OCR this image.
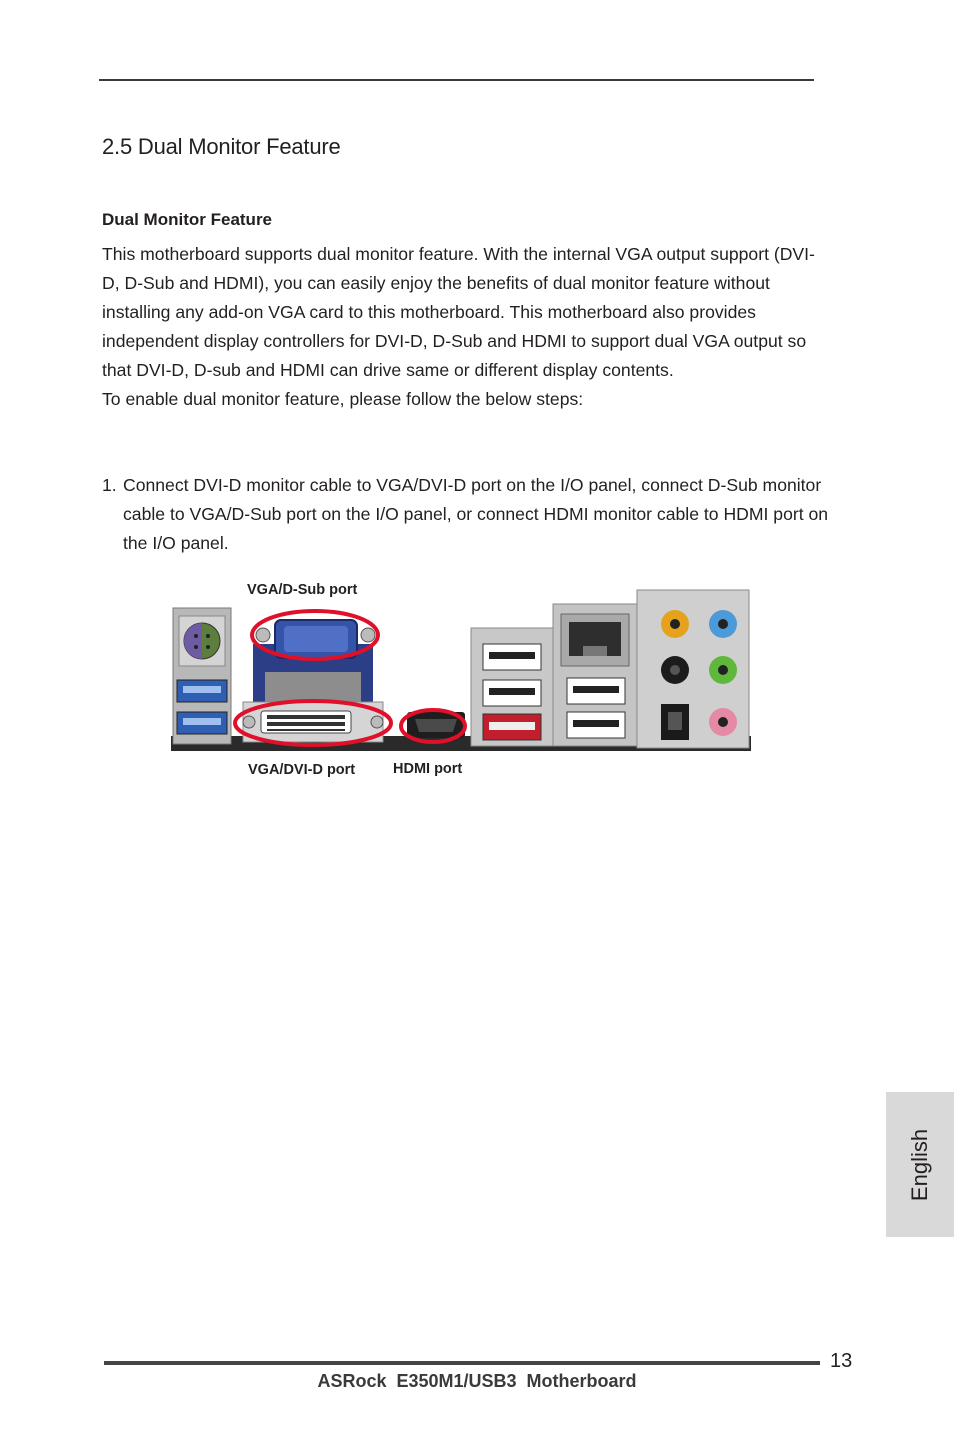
2.5 Dual Monitor Feature
Dual Monitor Feature

This motherboard supports dual monitor feature. With the internal VGA output support (DVI-D, D-Sub and HDMI), you can easily enjoy the benefits of dual monitor feature without installing any add-on VGA card to this motherboard. This motherboard also provides independent display controllers for DVI-D, D-Sub and HDMI to support dual VGA output so that DVI-D, D-sub and HDMI can drive same or different display contents.

To enable dual monitor feature, please follow the below steps:

1. Connect DVI-D monitor cable to VGA/DVI-D port on the I/O panel, connect D-Sub monitor cable to VGA/D-Sub port on the I/O panel, or connect HDMI monitor cable to HDMI port on the I/O panel.
VGA/D-Sub port
VGA/DVI-D port	HDMI port
English
13
ASRock  E350M1/USB3  Motherboard
